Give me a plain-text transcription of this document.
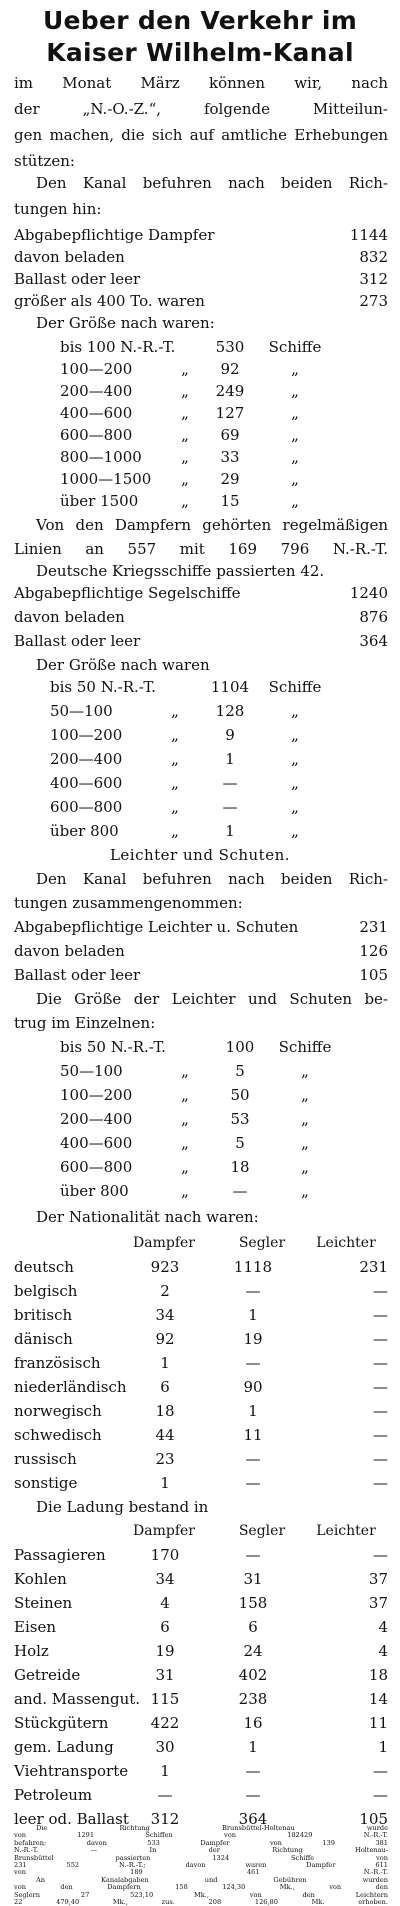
Ueber den Verkehr im
Kaiser Wilhelm-Kanal
im Monat März können wir, nach
der „N.-O.-Z.“, folgende Mitteilun-
gen machen, die sich auf amtliche Erhebungen
stützen:
Den Kanal befuhren nach beiden Rich-
tungen hin:
Abgabepflichtige Dampfer	1144
davon beladen	832
Ballast oder leer	312
größer als 400 To. waren	273
Der Größe nach waren:
bis 100 N.-R.-T.	530	Schiffe
100—200	„	92	„
200—400	„	249	„
400—600	„	127	„
600—800	„	69	„
800—1000	„	33	„
1000—1500	„	29	„
über 1500	„	15	„
Von den Dampfern gehörten regelmäßigen
Linien an 557 mit 169 796 N.-R.-T.
Deutsche Kriegsschiffe passierten 42.
Abgabepflichtige Segelschiffe	1240
davon beladen	876
Ballast oder leer	364
Der Größe nach waren
bis 50 N.-R.-T.	1104	Schiffe
50—100	„	128	„
100—200	„	9	„
200—400	„	1	„
400—600	„	—	„
600—800	„	—	„
über 800	„	1	„
Leichter und Schuten.
Den Kanal befuhren nach beiden Rich-
tungen zusammengenommen:
Abgabepflichtige Leichter u. Schuten	231
davon beladen	126
Ballast oder leer	105
Die Größe der Leichter und Schuten be-
trug im Einzelnen:
bis 50 N.-R.-T.	100	Schiffe
50—100	„	5	„
100—200	„	50	„
200—400	„	53	„
400—600	„	5	„
600—800	„	18	„
über 800	„	—	„
Der Nationalität nach waren:
Dampfer	Segler	Leichter
deutsch	923	1118	231
belgisch	2	—	—
britisch	34	1	—
dänisch	92	19	—
französisch	1	—	—
niederländisch	6	90	—
norwegisch	18	1	—
schwedisch	44	11	—
russisch	23	—	—
sonstige	1	—	—
Die Ladung bestand in
Dampfer	Segler	Leichter
Passagieren	170	—	—
Kohlen	34	31	37
Steinen	4	158	37
Eisen	6	6	4
Holz	19	24	4
Getreide	31	402	18
and. Massengut. 115	238	14
Stückgütern	422	16	11
gem. Ladung	30	1	1
Viehtransporte	1	—	—
Petroleum	—	—	—
leer od. Ballast	312	364	105
Die Richtung Brunsbüttel-Holtenau wurde
von 1291 Schiffen von 182429 N.-R.-T.
befahren; davon 533 Dampfer von 139 381
N.-R.-T. — In der Richtung Holtenau-
Brunsbüttel passierten 1324 Schiffe von
231 552 N.-R.-T.; davon waren Dampfer 611
von 189 461 N.-R.-T.
An Kanalabgaben und Gebühren wurden
von den Dampfern 158 124,30 Mk., von den
Seglern 27 523,10 Mk., von den Leichtern
22 479,40 Mk., zus. 208 126,80 Mk. erhoben.
